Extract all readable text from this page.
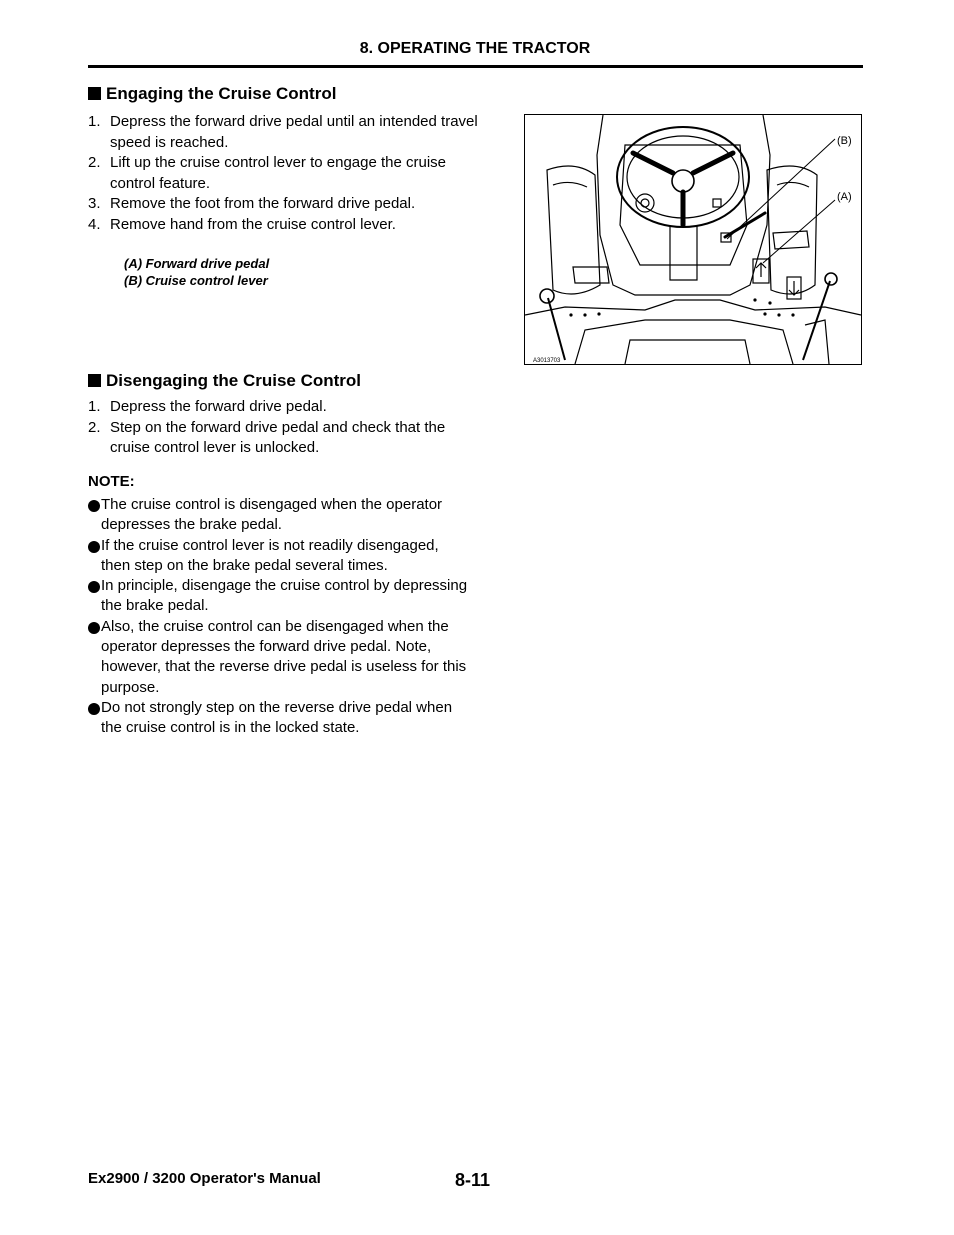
8. OPERATING THE TRACTOR
Engaging the Cruise Control
1. Depress the forward drive pedal until an intended travel speed is reached.
2. Lift up the cruise control lever to engage the cruise control feature.
3. Remove the foot from the forward drive pedal.
4. Remove hand from the cruise control lever.
(A) Forward drive pedal
(B) Cruise control lever
(B)
(A)
A3013703
Disengaging the Cruise Control
1. Depress the forward drive pedal.
2. Step on the forward drive pedal and check that the cruise control lever is unlocked.
NOTE:
The cruise control is disengaged when the operator depresses the brake pedal.
If the cruise control lever is not readily disengaged, then step on the brake pedal several times.
In principle, disengage the cruise control by depressing the brake pedal.
Also, the cruise control can be disengaged when the operator depresses the forward drive pedal. Note, however, that the reverse drive pedal is useless for this purpose.
Do not strongly step on the reverse drive pedal when the cruise control is in the locked state.
Ex2900 / 3200 Operator's Manual	8-11
